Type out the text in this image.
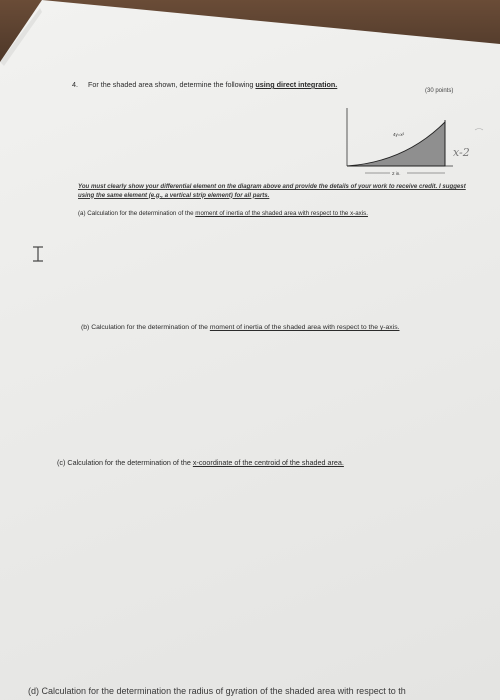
4. For the shaded area shown, determine the following using direct integration.
(30 points)
4y=x²
2 in.
x-2
You must clearly show your differential element on the diagram above and provide the details of your work to receive credit. I suggest using the same element (e.g., a vertical strip element) for all parts.
(a) Calculation for the determination of the moment of inertia of the shaded area with respect to the x-axis.
(b) Calculation for the determination of the moment of inertia of the shaded area with respect to the y-axis.
(c) Calculation for the determination of the x-coordinate of the centroid of the shaded area.
(d) Calculation for the determination the radius of gyration of the shaded area with respect to th
